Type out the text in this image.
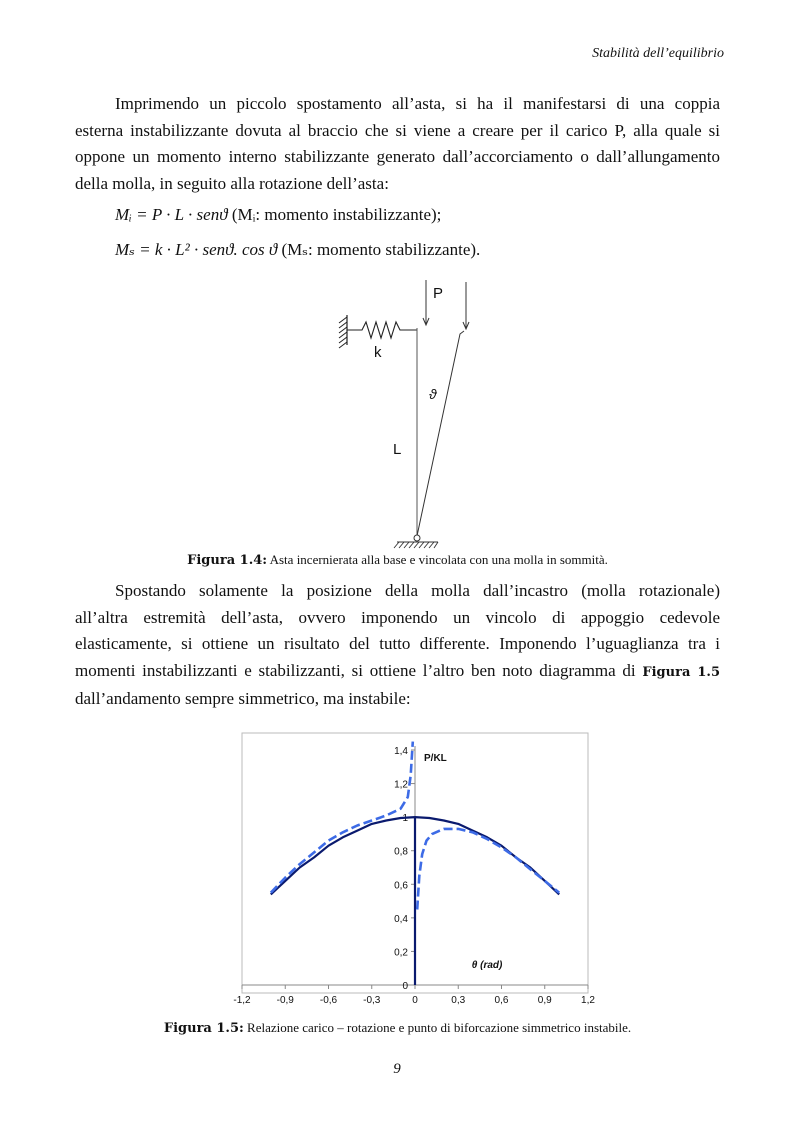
Stabilità dell’equilibrio
Imprimendo un piccolo spostamento all’asta, si ha il manifestarsi di una coppia
esterna instabilizzante dovuta al braccio che si viene a creare per il carico P, alla quale si
oppone un momento interno stabilizzante generato dall’accorciamento o dall’allungamento
della molla, in seguito alla rotazione dell’asta:
Mᵢ = P · L · senϑ (Mᵢ: momento instabilizzante);
Mₛ = k · L² · senϑ. cos ϑ (Mₛ: momento stabilizzante).
P
k
L
ϑ
Figura 1.4: Asta incernierata alla base e vincolata con una molla in sommità.
Spostando solamente la posizione della molla dall’incastro (molla rotazionale)
all’altra estremità dell’asta, ovvero imponendo un vincolo di appoggio cedevole
elasticamente, si ottiene un risultato del tutto differente. Imponendo l’uguaglianza tra i
momenti instabilizzanti e stabilizzanti, si ottiene l’altro ben noto diagramma di Figura 1.5
dall’andamento sempre simmetrico, ma instabile:
-1,2	-0,9	-0,6	-0,3	0	0,3	0,6	0,9	1,2
0
0,2
0,4
0,6
0,8
1
1,2
1,4
P/KL
θ (rad)
Figura 1.5: Relazione carico – rotazione e punto di biforcazione simmetrico instabile.
9
